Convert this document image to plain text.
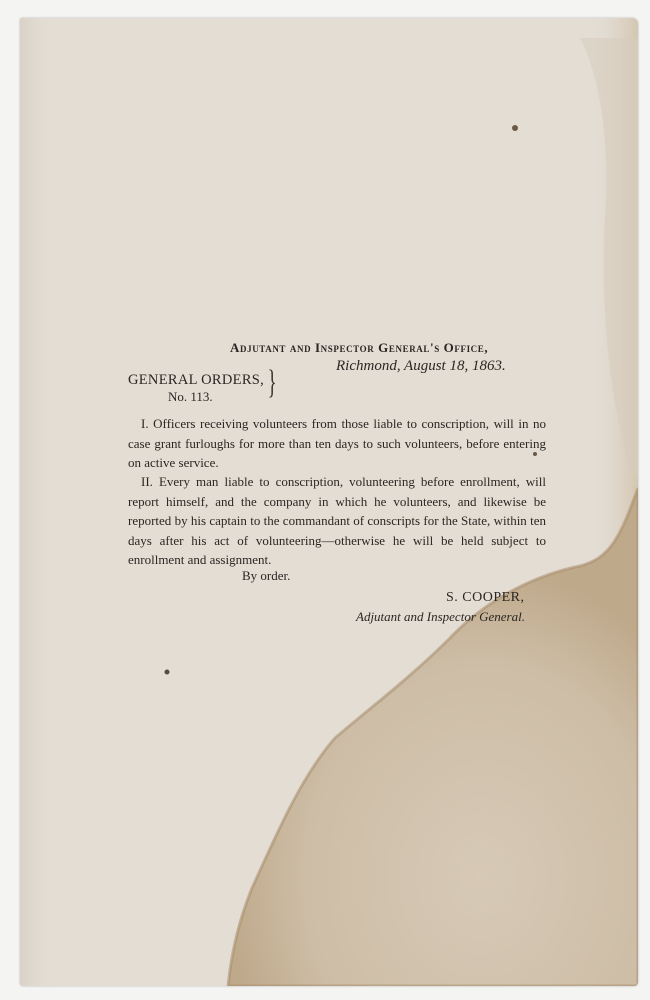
Adjutant and Inspector General's Office,
Richmond, August 18, 1863.
GENERAL ORDERS,
No. 113. }
I. Officers receiving volunteers from those liable to conscription, will in no case grant furloughs for more than ten days to such volunteers, before entering on active service.
II. Every man liable to conscription, volunteering before enrollment, will report himself, and the company in which he volunteers, and likewise be reported by his captain to the commandant of conscripts for the State, within ten days after his act of volunteering—otherwise he will be held subject to enrollment and assignment.
By order.
S. COOPER,
Adjutant and Inspector General.
